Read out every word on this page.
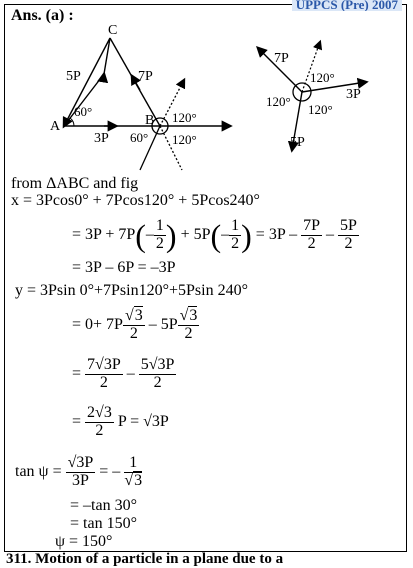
UPPCS (Pre) 2007
Ans. (a) :
C
A	B
5P	7P
3P
60°
60°
120°
120°
7P
3P
5P
120°
120°
120°
from ΔABC and fig
x = 3Pcos0° + 7Pcos120° + 5Pcos240°
= $3P + 7P(- \frac{1}{2}$ ) + $5P(- \frac{1}{2}$ ) = $3P - \frac{7P}{2} - \frac{5P}{2}$
= 3P – 6P = –3P
y = 3Psin 0°+7Psin120°+5Psin 240°
= $0+ 7P \frac{√3}{2} - 5P \frac{√3}{2}$
= $\frac{7√3P}{2} - \frac{5√3P}{2}$
= $\frac{2√3}{2}$ P = √3P
$\tan \psi = \frac{√3P}{3P}$ = – $\frac{1}{√3}$
= –tan 30°
= tan 150°
ψ = 150°
311. Motion of a particle in a plane due to a
